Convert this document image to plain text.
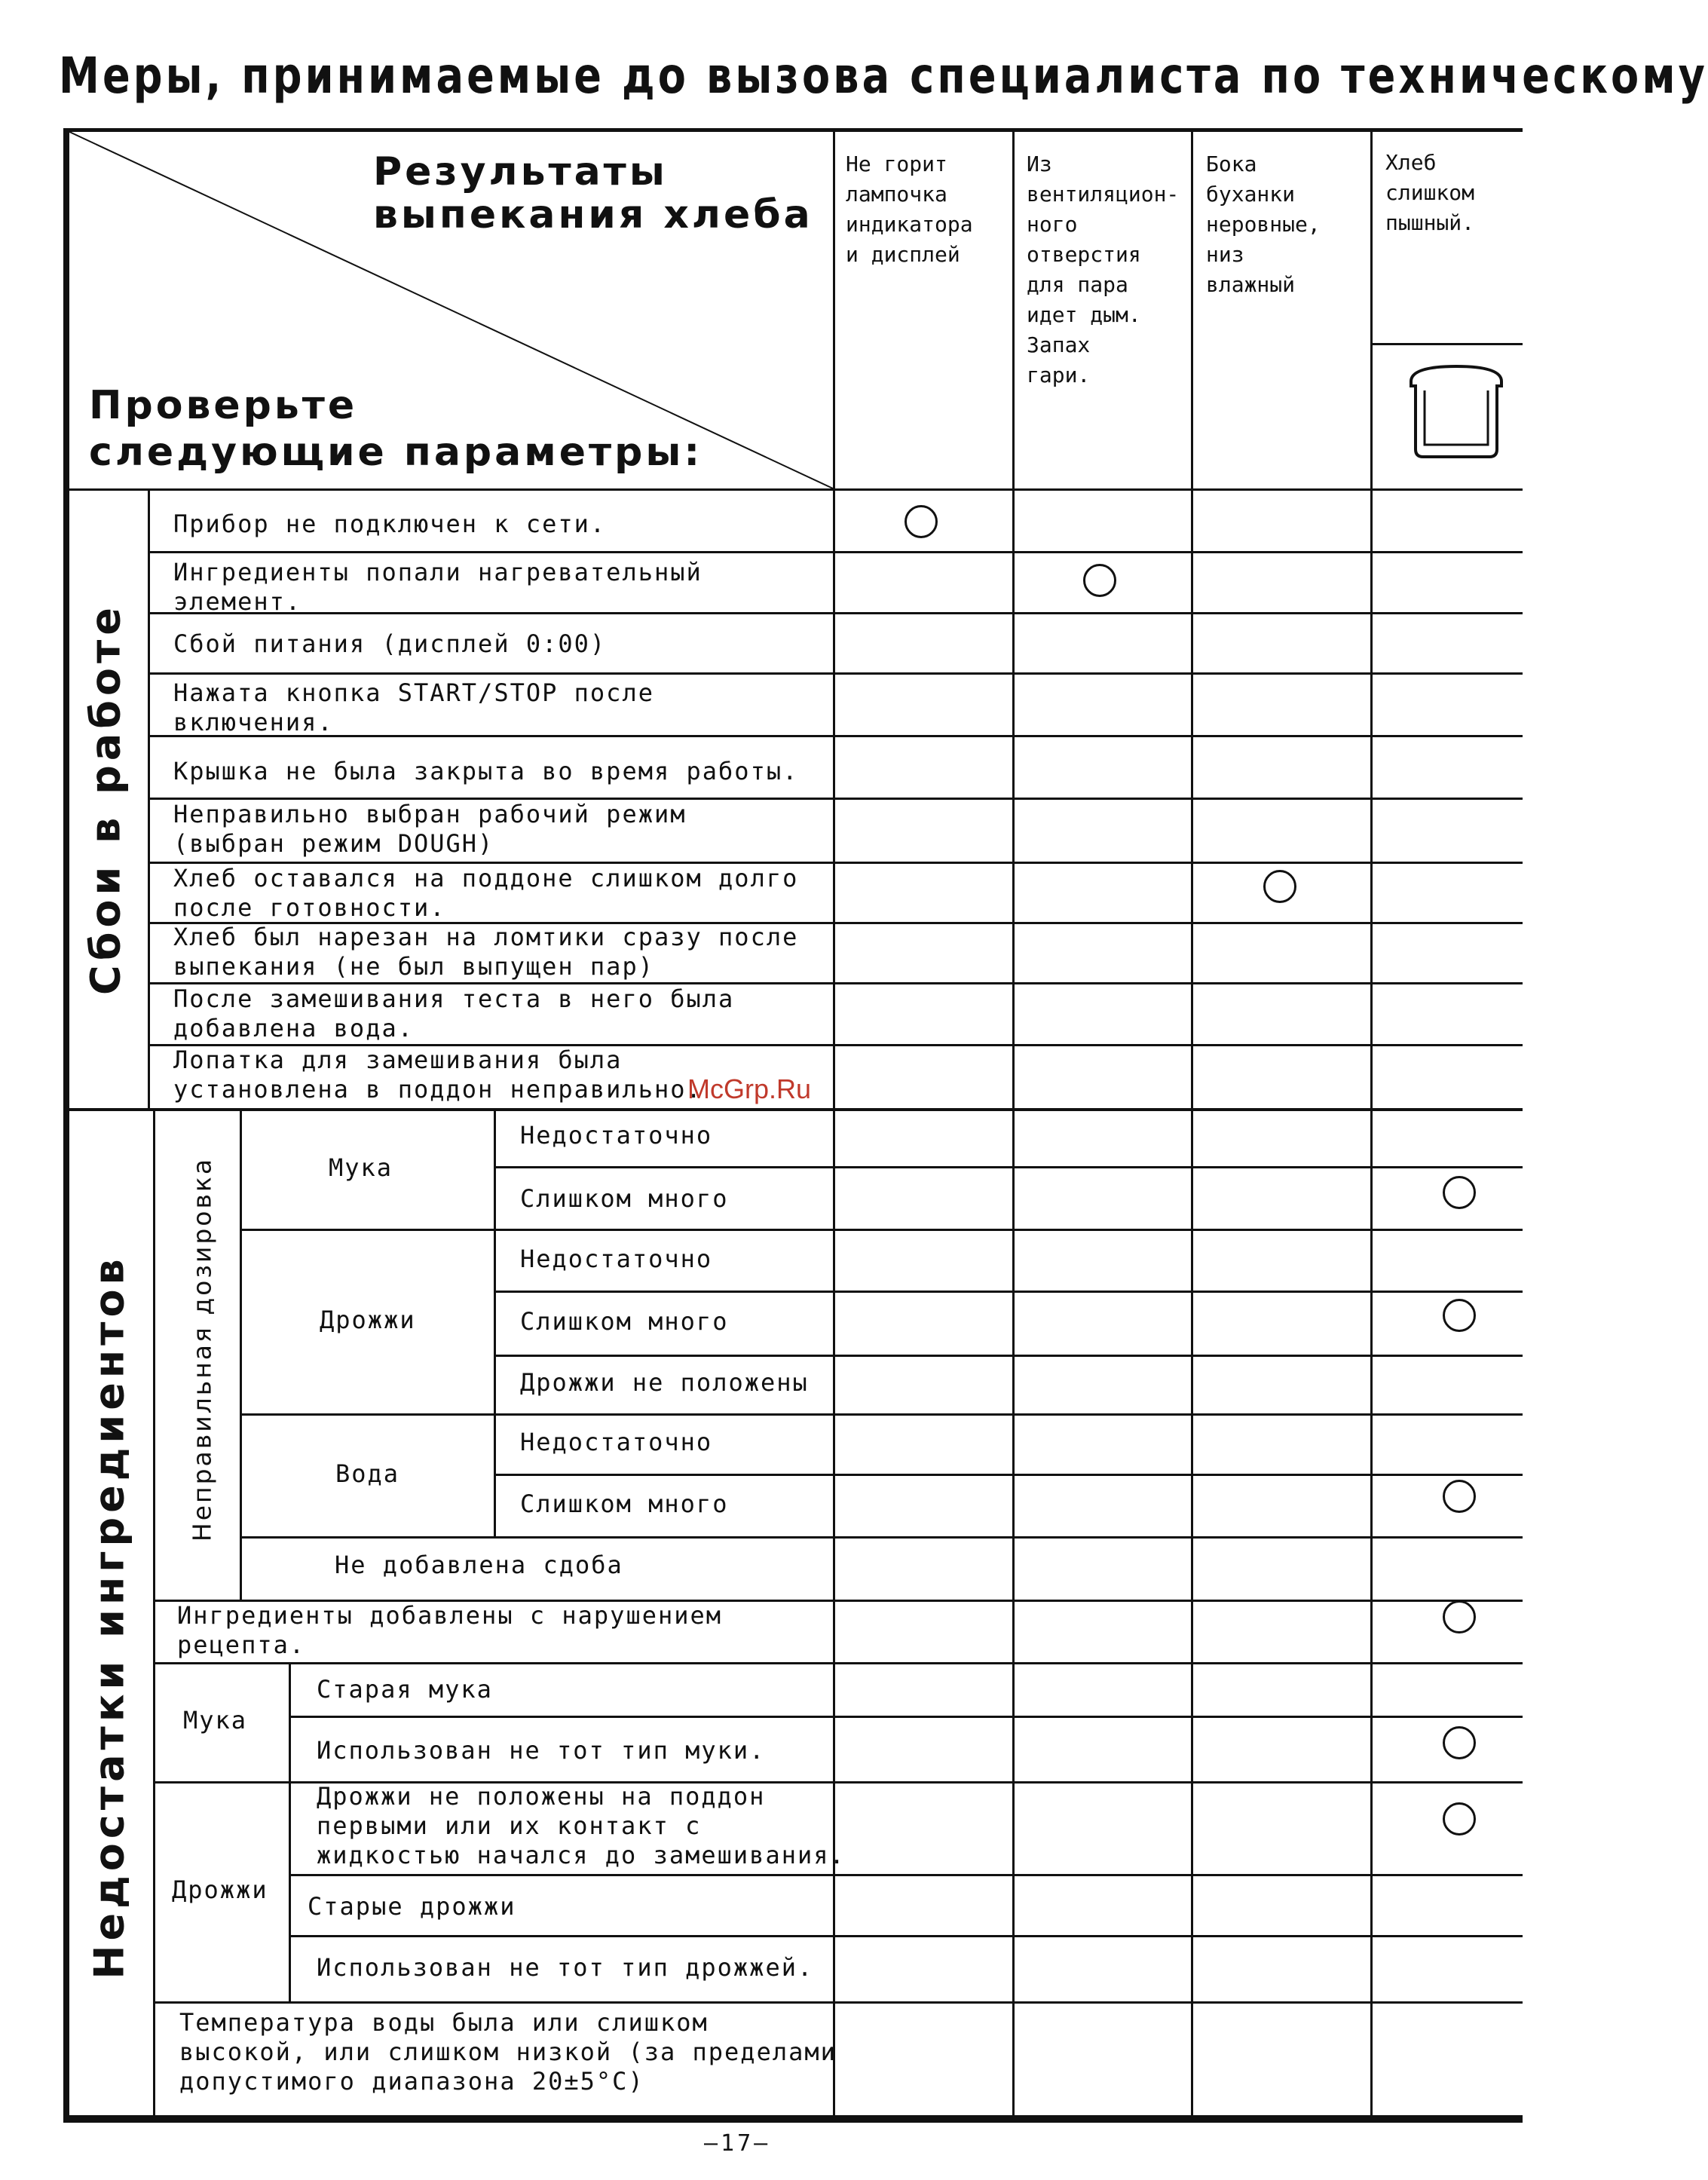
Меры, принимаемые до вызова специалиста по техническому
Результаты
выпекания хлеба
Проверьте
следующие параметры:
Не горит
лампочка
индикатора
и дисплей
Из
вентиляцион-
ного
отверстия
для пара
идет дым.
Запах
гари.
Бока
буханки
неровные,
низ
влажный
Хлеб
слишком
пышный.
Сбои в работе
Прибор не подключен к сети.
Ингредиенты попали нагревательный
элемент.
Сбой питания (дисплей 0:00)
Нажата кнопка START/STOP после
включения.
Крышка не была закрыта во время работы.
Неправильно выбран рабочий режим
(выбран режим DOUGH)
Хлеб оставался на поддоне слишком долго
после готовности.
Хлеб был нарезан на ломтики сразу после
выпекания (не был выпущен пар)
После замешивания теста в него была
добавлена вода.
Лопатка для замешивания была
установлена в поддон неправильно.
McGrp.Ru
Недостатки ингредиентов Неправильная дозировка	Мука
Недостаточно
Слишком много
Дрожжи
Недостаточно
Слишком много
Дрожжи не положены
Вода
Недостаточно
Слишком много
Не добавлена сдоба
Ингредиенты добавлены с нарушением
рецепта.
Мука
Старая мука
Использован не тот тип муки.
Дрожжи
Дрожжи не положены на поддон
первыми или их контакт с
жидкостью начался до замешивания.
Старые дрожжи
Использован не тот тип дрожжей.
Температура воды была или слишком
высокой, или слишком низкой (за пределами
допустимого диапазона 20±5°С)
–17–
